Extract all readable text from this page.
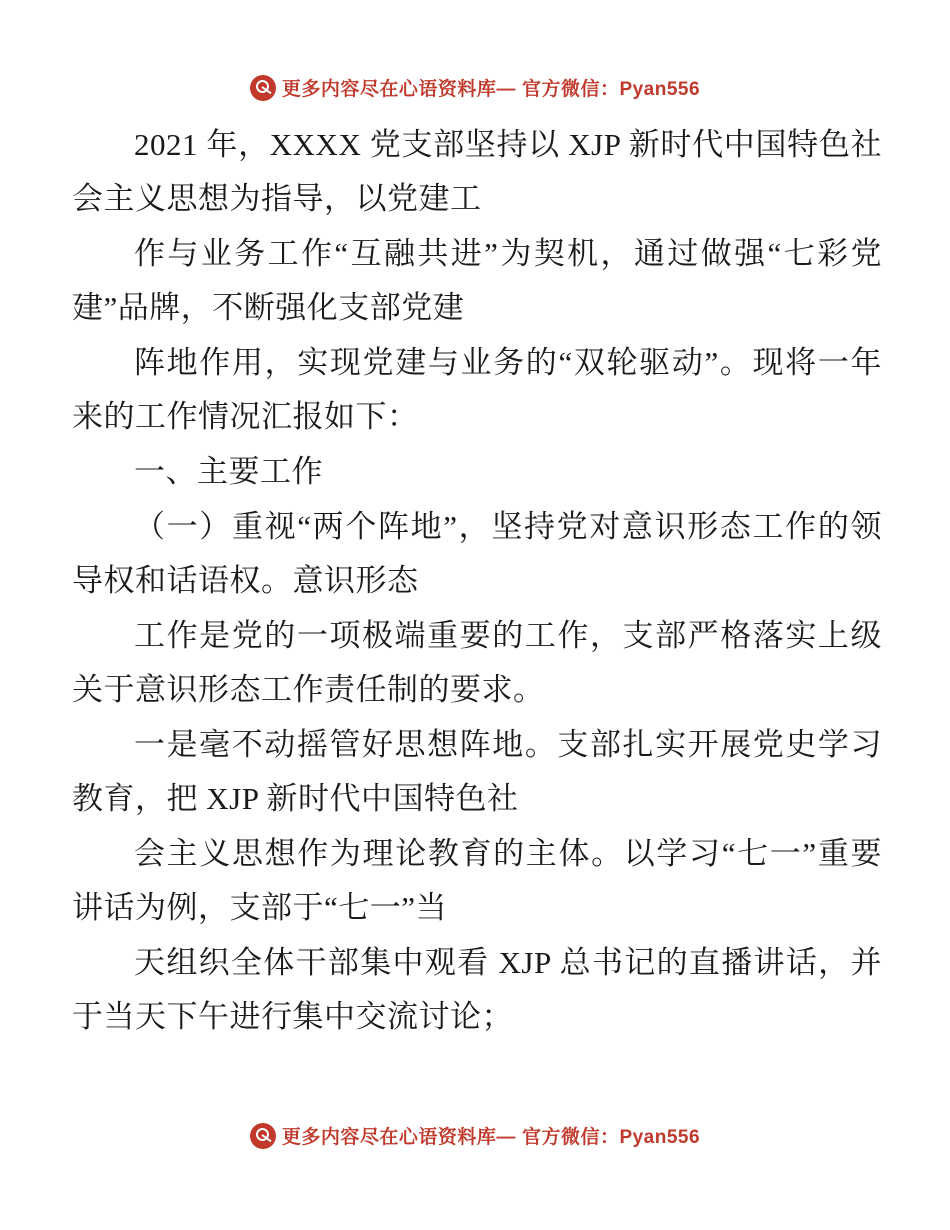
更多内容尽在心语资料库— 官方微信：Pyan556

2021 年，XXXX 党支部坚持以 XJP 新时代中国特色社会主义思想为指导，以党建工

作与业务工作“互融共进”为契机，通过做强“七彩党建”品牌，不断强化支部党建

阵地作用，实现党建与业务的“双轮驱动”。现将一年来的工作情况汇报如下：

一、主要工作

（一）重视“两个阵地”，坚持党对意识形态工作的领导权和话语权。意识形态

工作是党的一项极端重要的工作，支部严格落实上级关于意识形态工作责任制的要求。

一是毫不动摇管好思想阵地。支部扎实开展党史学习教育，把 XJP 新时代中国特色社

会主义思想作为理论教育的主体。以学习“七一”重要讲话为例，支部于“七一”当

天组织全体干部集中观看 XJP 总书记的直播讲话，并于当天下午进行集中交流讨论；

更多内容尽在心语资料库— 官方微信：Pyan556
